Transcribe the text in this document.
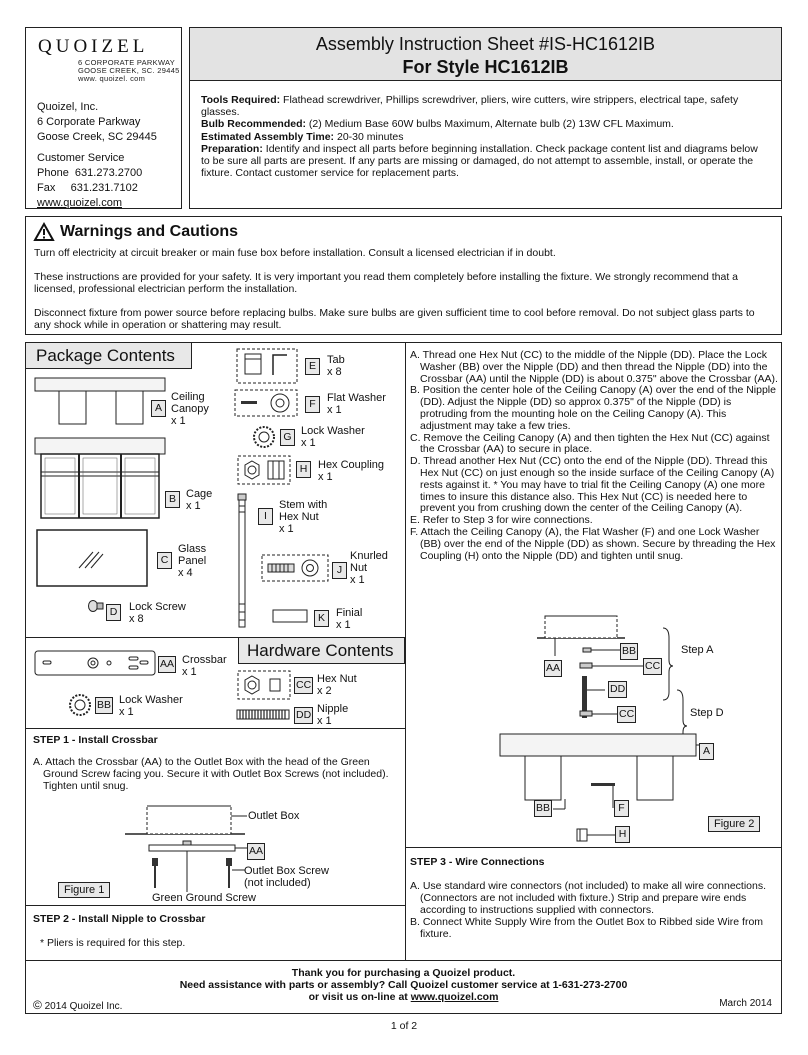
QUOIZEL
6 CORPORATE PARKWAY
GOOSE CREEK, SC. 29445
www. quoizel. com
Quoizel, Inc.
6 Corporate Parkway
Goose Creek, SC 29445
Customer Service
Phone  631.273.2700
Fax     631.231.7102
www.quoizel.com
Assembly Instruction Sheet #IS-HC1612IB
For Style HC1612IB
Tools Required: Flathead screwdriver, Phillips screwdriver, pliers, wire cutters, wire strippers, electrical tape, safety glasses.
Bulb Recommended: (2) Medium Base 60W bulbs Maximum, Alternate bulb (2) 13W CFL Maximum.
Estimated Assembly Time: 20-30 minutes
Preparation: Identify and inspect all parts before beginning installation. Check package content list and diagrams below to be sure all parts are present. If any parts are missing or damaged, do not attempt to assemble, install, or operate the fixture. Contact customer service for replacement parts.
Warnings and Cautions
Turn off electricity at circuit breaker or main fuse box before installation. Consult a licensed electrician if in doubt.
These instructions are provided for your safety. It is very important you read them completely before installing the fixture. We strongly recommend that a licensed, professional electrician perform the installation.
Disconnect fixture from power source before replacing bulbs. Make sure bulbs are given sufficient time to cool before removal. Do not subject glass parts to any shock while in operation or shattering may result.
Package Contents
A
Ceiling Canopy
x 1
B Cage
x 1
C
Glass
Panel
x 4
D	Lock Screw
x 8
E	Tab
x 8
F	Flat Washer
x 1
G Lock Washer
x 1
H Hex Coupling
x 1
I
Stem with
Hex Nut
x 1
J
Knurled
Nut
x 1
K	Finial
x 1
Hardware Contents
AA Crossbar
x 1
BB Lock Washer
x 1
CC Hex Nut
x 2
DD Nipple
x 1
STEP 1 - Install Crossbar

A. Attach the Crossbar (AA) to the Outlet Box with the head of the Green Ground Screw facing you. Secure it with Outlet Box Screws (not included). Tighten until snug.

Outlet Box
AA
Outlet Box Screw
(not included)
Green Ground Screw
Figure 1
STEP 2 - Install Nipple to Crossbar
* Pliers is required for this step.

A. Thread one Hex Nut (CC) to the middle of the Nipple (DD). Place the Lock Washer (BB) over the Nipple (DD) and then thread the Nipple (DD) into the Crossbar (AA) until the Nipple (DD) is about 0.375" above the Crossbar (AA).

B. Position the center hole of the Ceiling Canopy (A) over the end of the Nipple (DD). Adjust the Nipple (DD) so approx 0.375" of the Nipple (DD) is protruding from the mounting hole on the Ceiling Canopy (A). This adjustment may take a few tries.

C. Remove the Ceiling Canopy (A) and then tighten the Hex Nut (CC) against the Crossbar (AA) to secure in place.

D. Thread another Hex Nut (CC) onto the end of the Nipple (DD). Thread this Hex Nut (CC) on just enough so the inside surface of the Ceiling Canopy (A) rests against it. * You may have to trial fit the Ceiling Canopy (A) one more times to insure this distance also. This Hex Nut (CC) is needed here to prevent you from crushing down the center of the Ceiling Canopy (A).

E. Refer to Step 3 for wire connections.

F. Attach the Ceiling Canopy (A), the Flat Washer (F) and one Lock Washer (BB) over the end of the Nipple (DD) as shown. Secure by threading the Hex Coupling (H) onto the Nipple (DD) and tighten until snug.

BB
CC
AA
DD
CC
Step A
Step D
A
BB	F
H
Figure 2
STEP 3 - Wire Connections

A. Use standard wire connectors (not included) to make all wire connections. (Connectors are not included with fixture.) Strip and prepare wire ends according to instructions supplied with connectors.

B. Connect White Supply Wire from the Outlet Box to Ribbed side Wire from fixture.

Thank you for purchasing a Quoizel product.
Need assistance with parts or assembly? Call Quoizel customer service at 1-631-273-2700
or visit us on-line at www.quoizel.com
© 2014 Quoizel Inc.	March 2014
1 of 2
